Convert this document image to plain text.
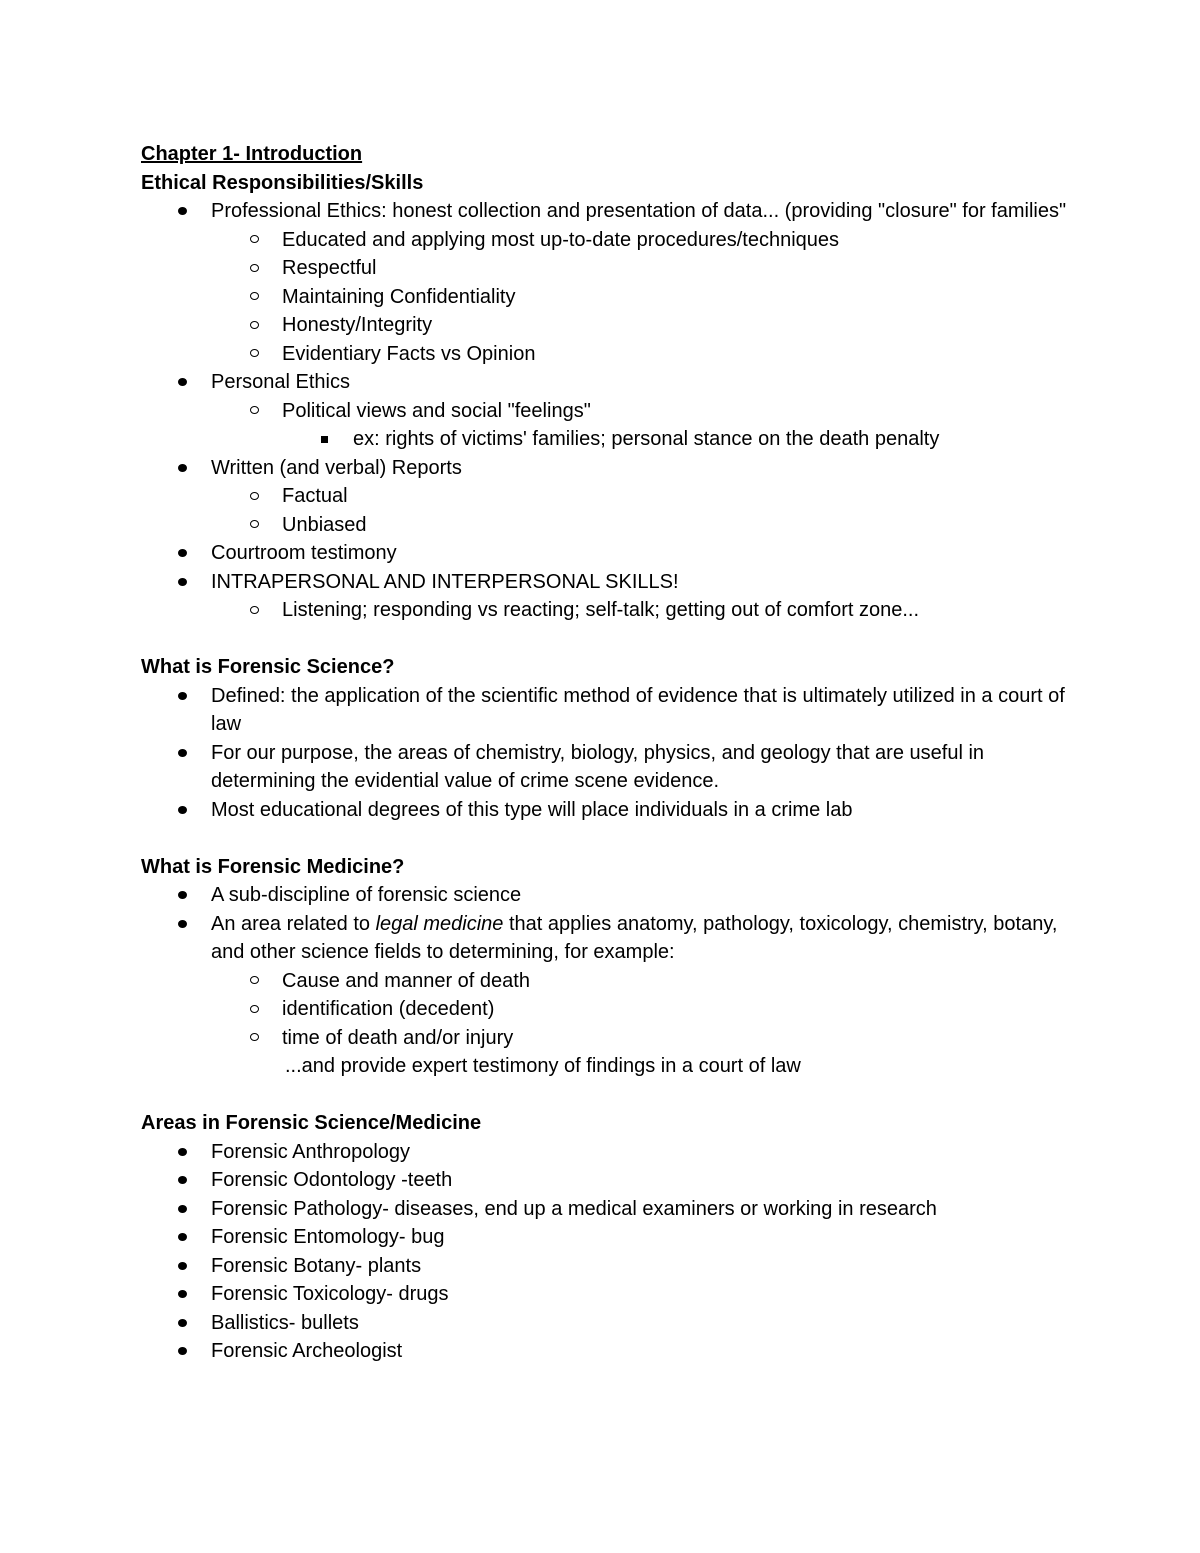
Chapter 1- Introduction
Ethical Responsibilities/Skills
Professional Ethics: honest collection and presentation of data... (providing "closure" for families"
Educated and applying most up-to-date procedures/techniques
Respectful
Maintaining Confidentiality
Honesty/Integrity
Evidentiary Facts vs Opinion
Personal Ethics
Political views and social "feelings"
ex: rights of victims' families; personal stance on the death penalty
Written (and verbal) Reports
Factual
Unbiased
Courtroom testimony
INTRAPERSONAL AND INTERPERSONAL SKILLS!
Listening; responding vs reacting; self-talk; getting out of comfort zone...
What is Forensic Science?
Defined: the application of the scientific method of evidence that is ultimately utilized in a court of law
For our purpose, the areas of chemistry, biology, physics, and geology that are useful in determining the evidential value of crime scene evidence.
Most educational degrees of this type will place individuals in a crime lab
What is Forensic Medicine?
A sub-discipline of forensic science
An area related to legal medicine that applies anatomy, pathology, toxicology, chemistry, botany, and other science fields to determining, for example:
Cause and manner of death
identification (decedent)
time of death and/or injury
...and provide expert testimony of findings in a court of law
Areas in Forensic Science/Medicine
Forensic Anthropology
Forensic Odontology -teeth
Forensic Pathology- diseases, end up a medical examiners or working in research
Forensic Entomology- bug
Forensic Botany- plants
Forensic Toxicology- drugs
Ballistics- bullets
Forensic Archeologist
